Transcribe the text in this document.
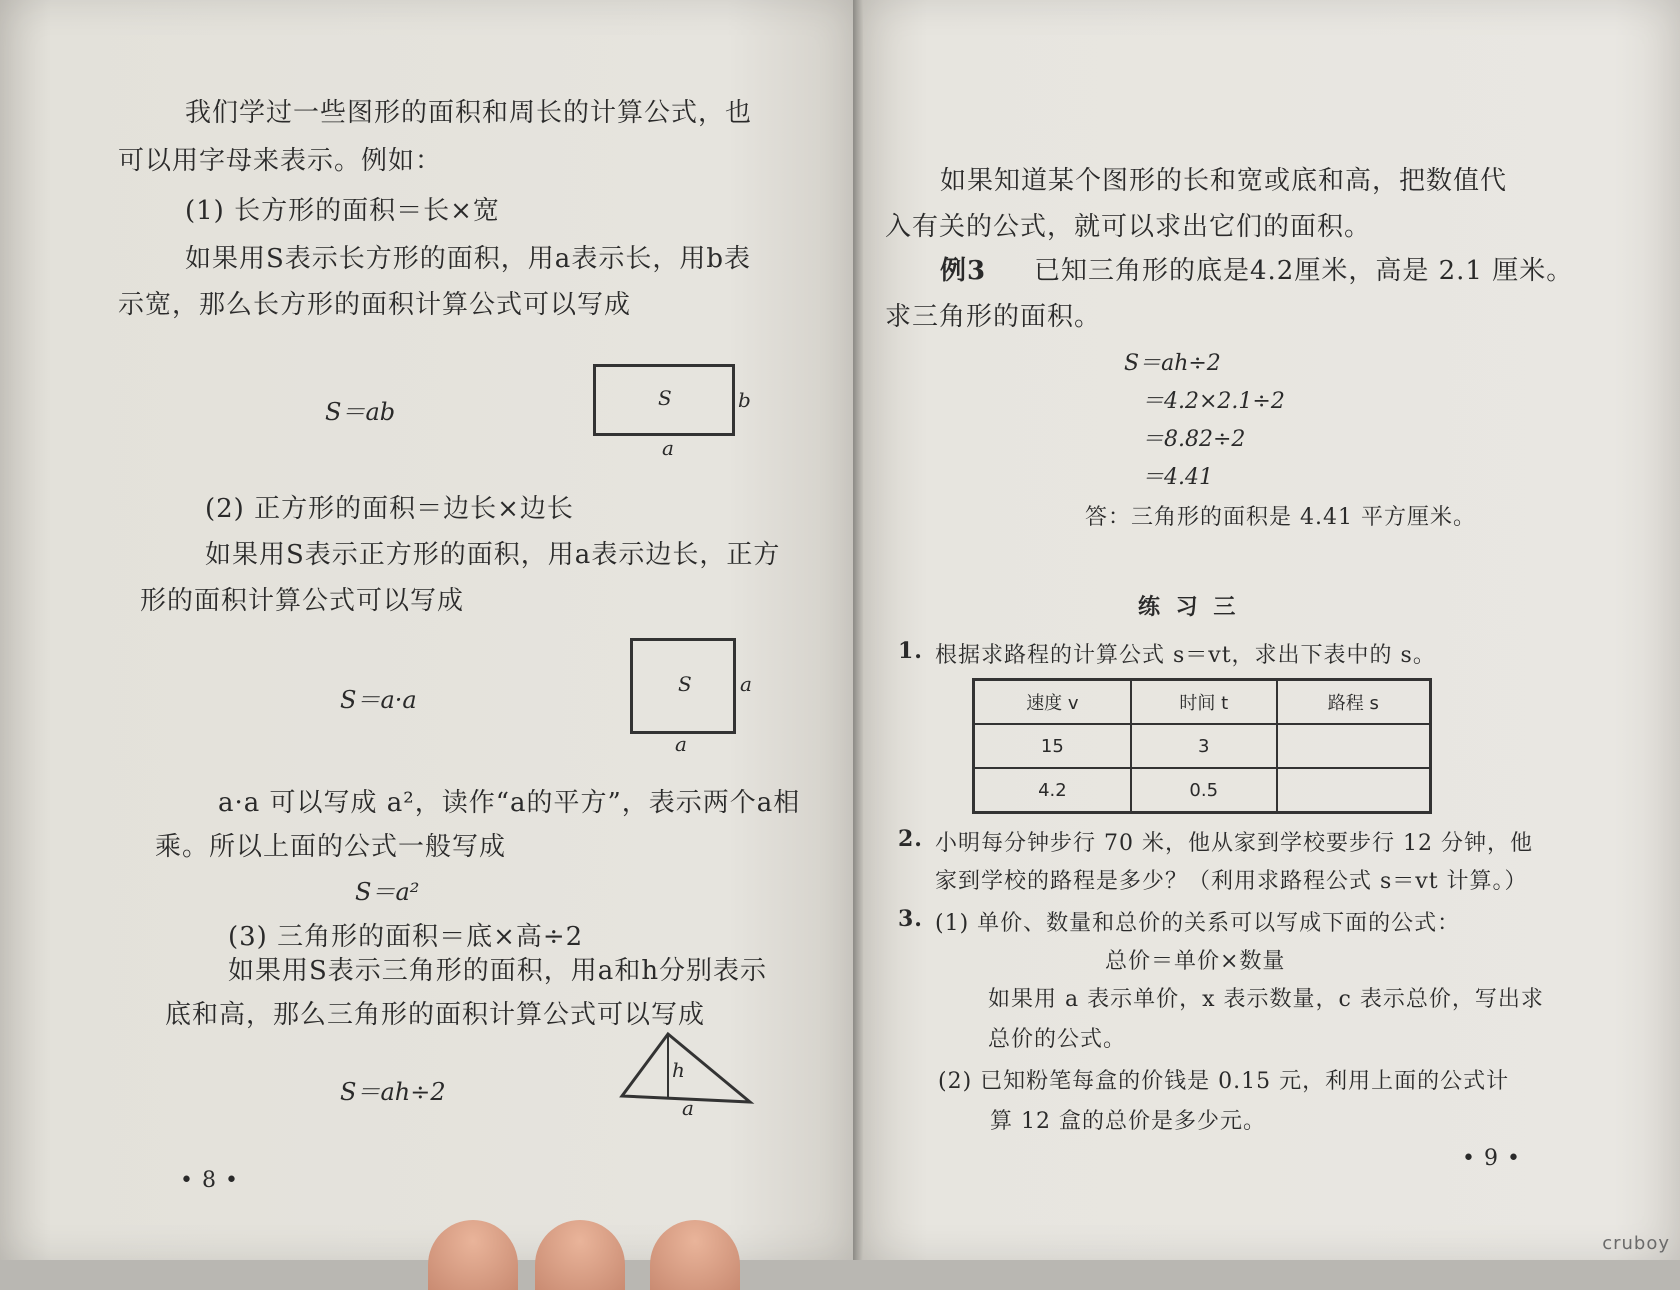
我们学过一些图形的面积和周长的计算公式，也
可以用字母来表示。例如：
(1) 长方形的面积＝长×宽
如果用S表示长方形的面积，用a表示长，用b表
示宽，那么长方形的面积计算公式可以写成
S＝ab	S	b
a
(2) 正方形的面积＝边长×边长
如果用S表示正方形的面积，用a表示边长，正方
形的面积计算公式可以写成
S＝a·a
S a
a
a·a 可以写成 a²，读作“a的平方”，表示两个a相
乘。所以上面的公式一般写成
S＝a²
(3) 三角形的面积＝底×高÷2
如果用S表示三角形的面积，用a和h分别表示
底和高，那么三角形的面积计算公式可以写成
S＝ah÷2
h
a
• 8 •
如果知道某个图形的长和宽或底和高，把数值代
入有关的公式，就可以求出它们的面积。
例3 已知三角形的底是4.2厘米，高是 2.1 厘米。
求三角形的面积。
S＝ah÷2
＝4.2×2.1÷2
＝8.82÷2
＝4.41
答：三角形的面积是 4.41 平方厘米。
练 习 三
1. 根据求路程的计算公式 s＝vt，求出下表中的 s。
速度 v	时间 t	路程 s
15	3	
4.2	0.5	
2. 小明每分钟步行 70 米，他从家到学校要步行 12 分钟，他
家到学校的路程是多少？（利用求路程公式 s＝vt 计算。）
3. (1) 单价、数量和总价的关系可以写成下面的公式：
总价＝单价×数量
如果用 a 表示单价，x 表示数量，c 表示总价，写出求
总价的公式。
(2) 已知粉笔每盒的价钱是 0.15 元，利用上面的公式计
算 12 盒的总价是多少元。
• 9 •
cruboy
